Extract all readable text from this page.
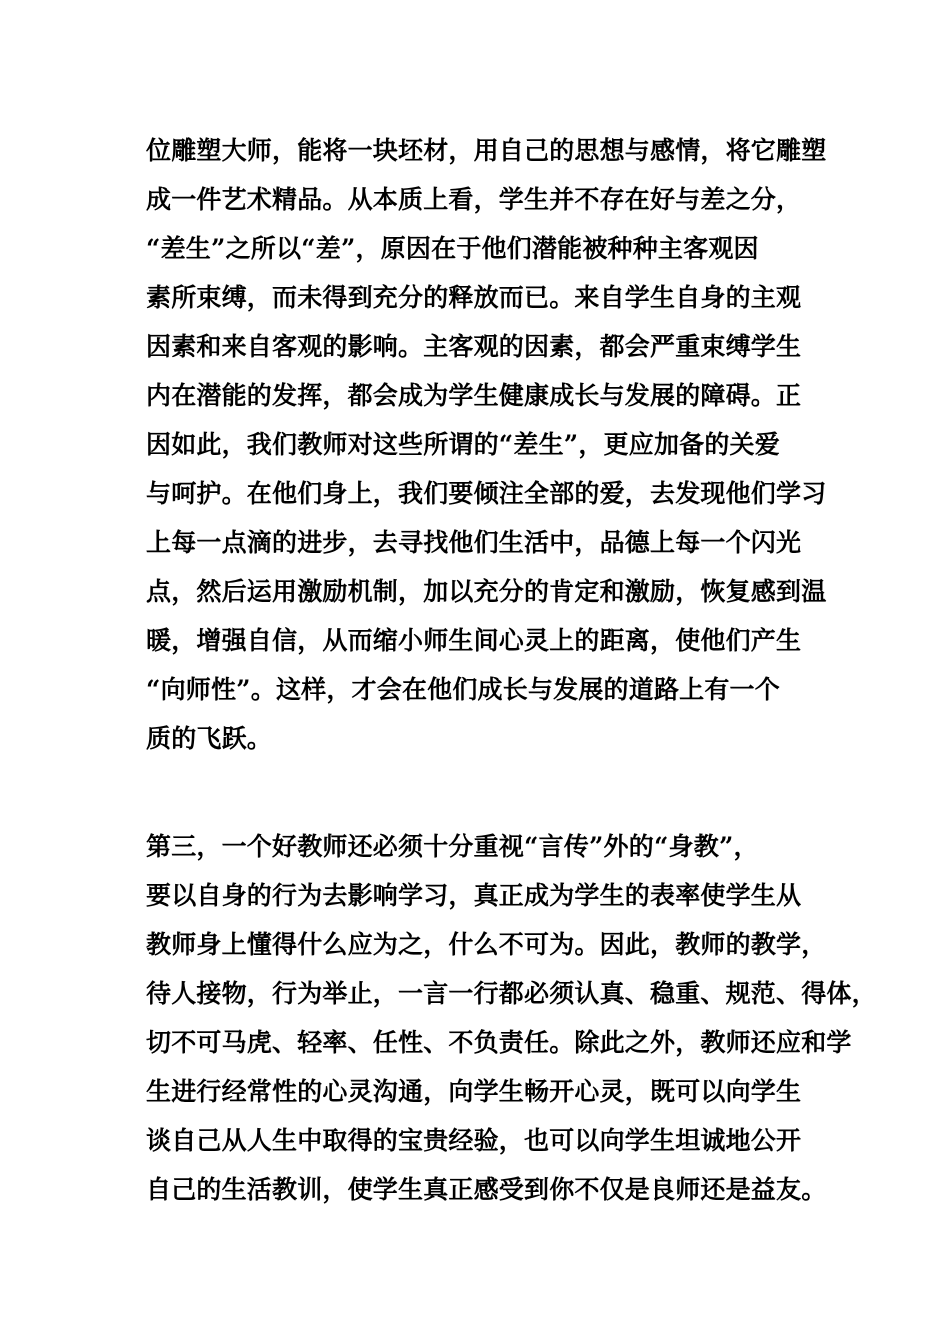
位雕塑大师，能将一块坯材，用自己的思想与感情，将它雕塑
成一件艺术精品。从本质上看，学生并不存在好与差之分，
“差生”之所以“差”，原因在于他们潜能被种种主客观因
素所束缚，而未得到充分的释放而已。来自学生自身的主观
因素和来自客观的影响。主客观的因素，都会严重束缚学生
内在潜能的发挥，都会成为学生健康成长与发展的障碍。正
因如此，我们教师对这些所谓的“差生”，更应加备的关爱
与呵护。在他们身上，我们要倾注全部的爱，去发现他们学习
上每一点滴的进步，去寻找他们生活中，品德上每一个闪光
点，然后运用激励机制，加以充分的肯定和激励，恢复感到温
暖，增强自信，从而缩小师生间心灵上的距离，使他们产生
“向师性”。这样，才会在他们成长与发展的道路上有一个
质的飞跃。
第三，一个好教师还必须十分重视“言传”外的“身教”，
要以自身的行为去影响学习，真正成为学生的表率使学生从
教师身上懂得什么应为之，什么不可为。因此，教师的教学，
待人接物，行为举止，一言一行都必须认真、稳重、规范、得体，
切不可马虎、轻率、任性、不负责任。除此之外，教师还应和学
生进行经常性的心灵沟通，向学生畅开心灵，既可以向学生
谈自己从人生中取得的宝贵经验，也可以向学生坦诚地公开
自己的生活教训，使学生真正感受到你不仅是良师还是益友。
